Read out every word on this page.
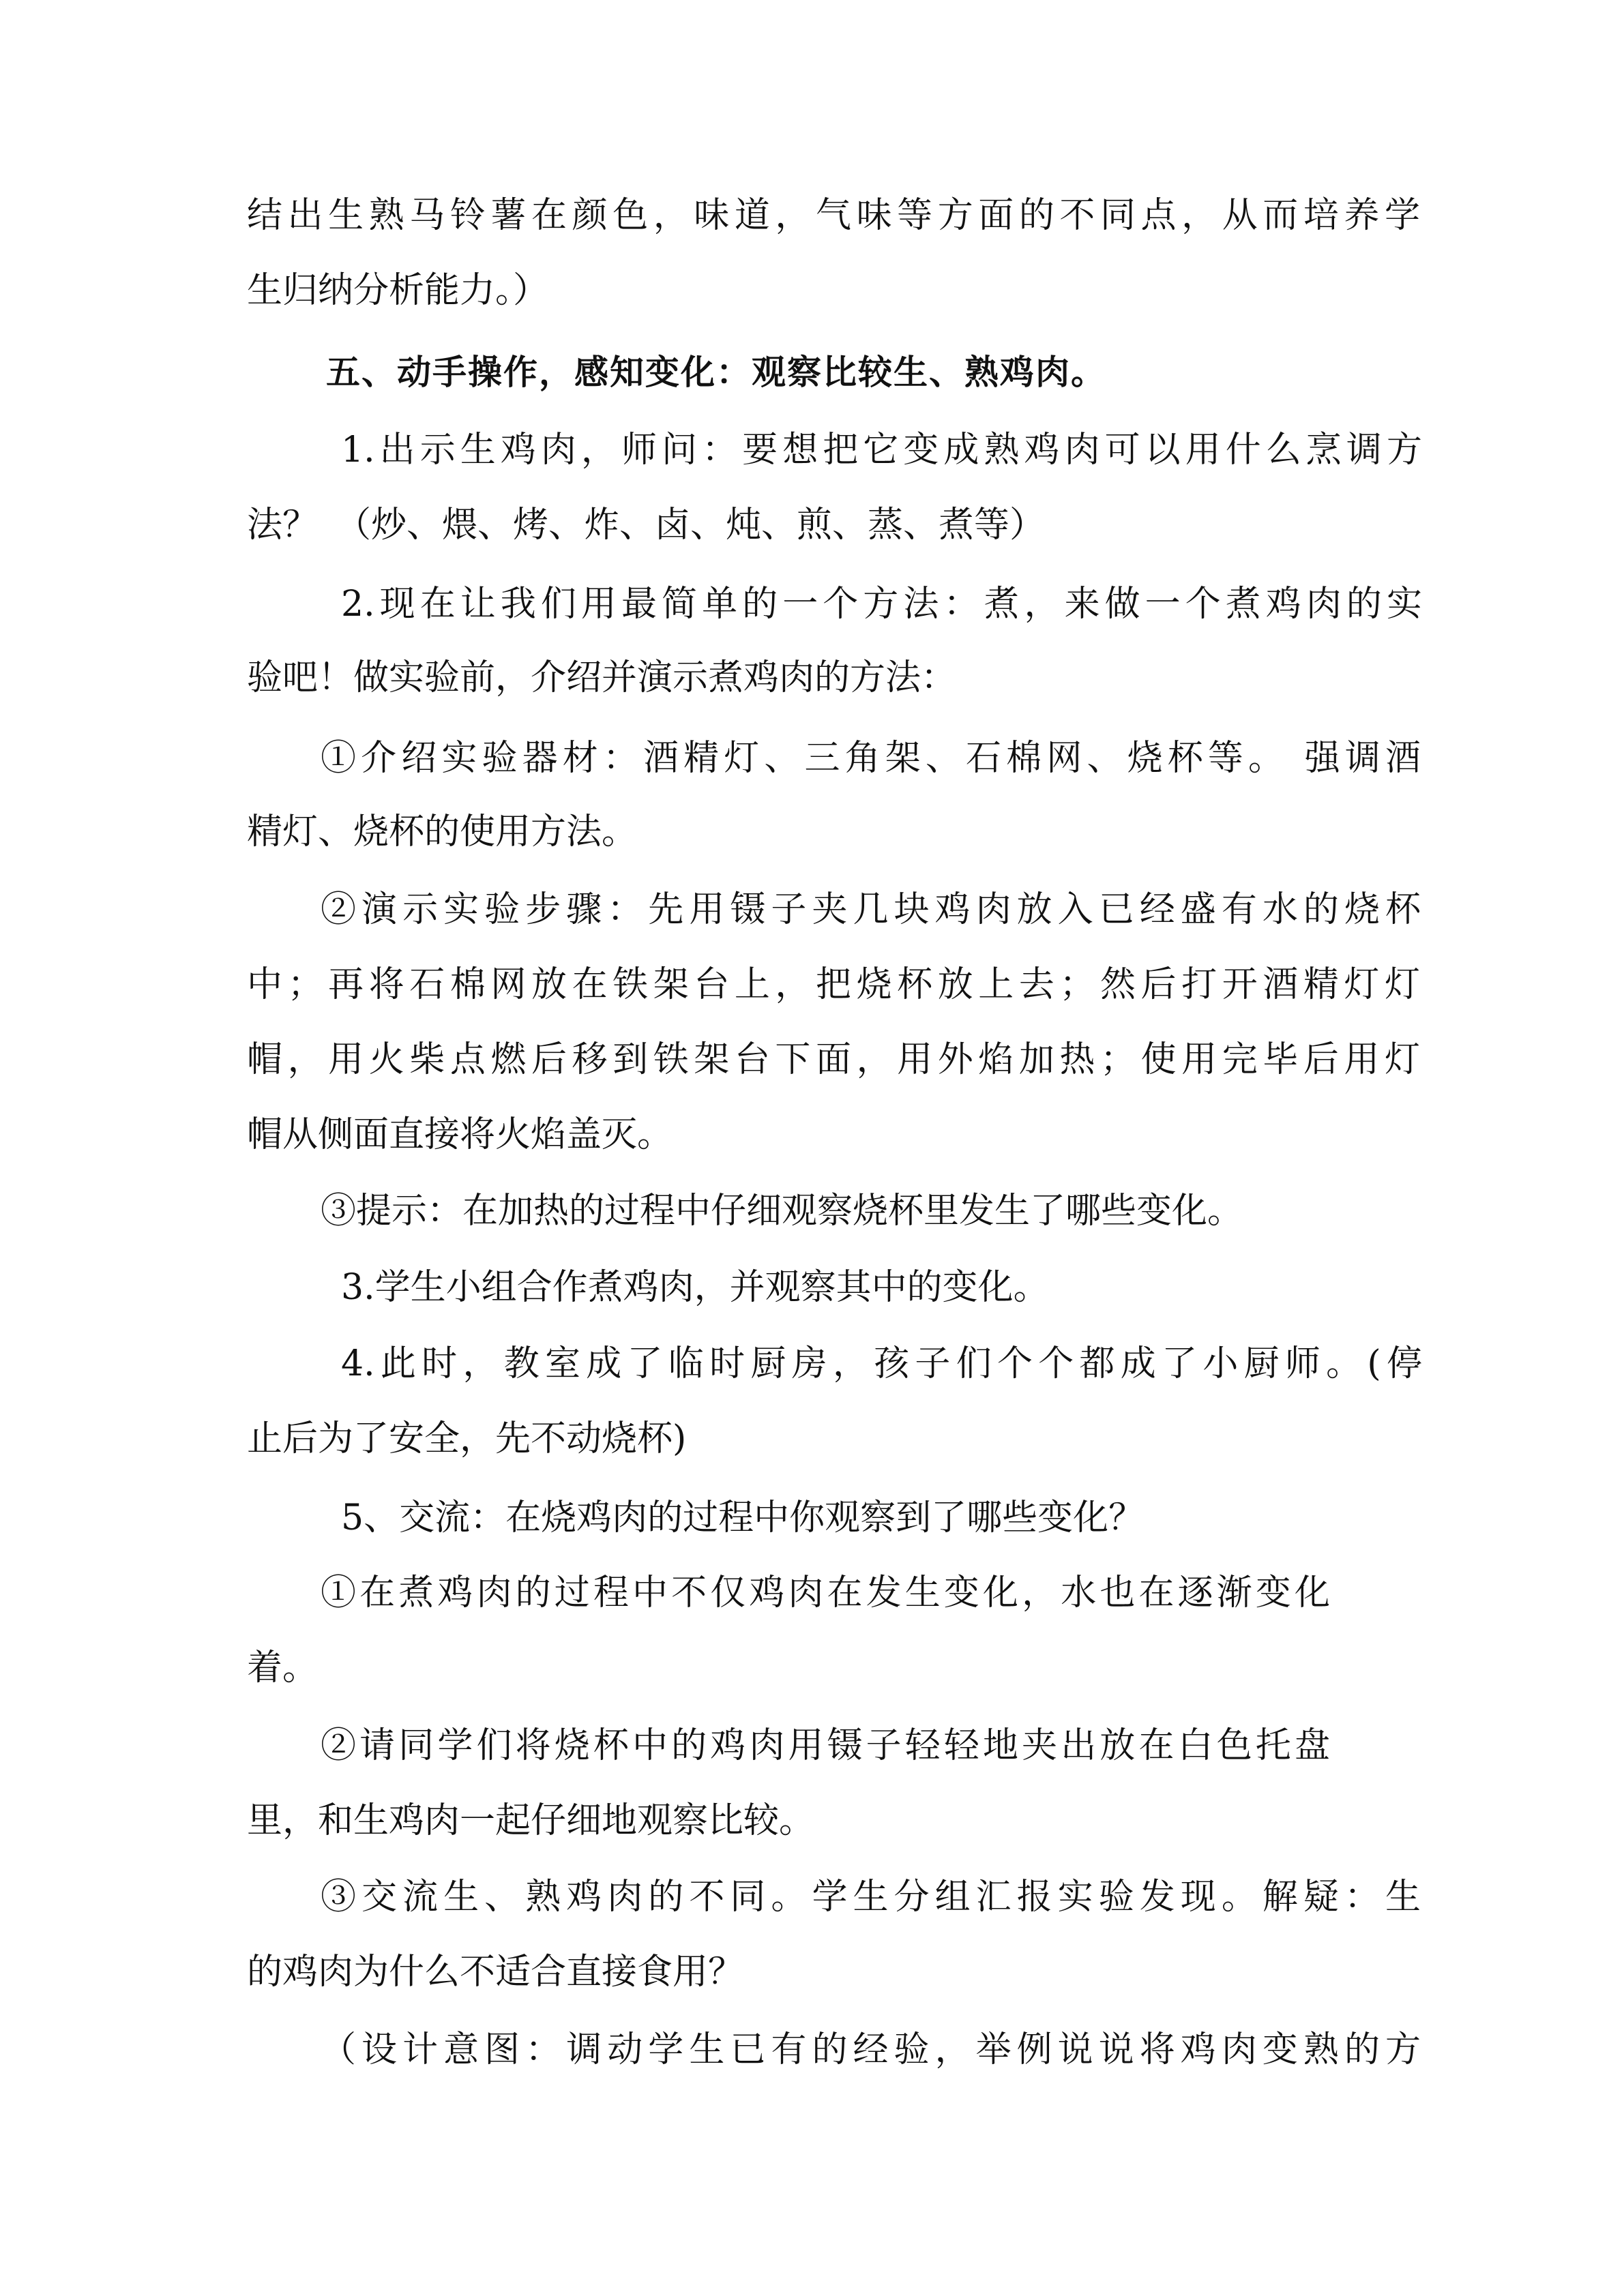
结出生熟马铃薯在颜色，味道，气味等方面的不同点，从而培养学
生归纳分析能力。）
五、动手操作，感知变化：观察比较生、熟鸡肉。
1.出示生鸡肉，师问：要想把它变成熟鸡肉可以用什么烹调方
法？　（炒、煨、烤、炸、卤、炖、煎、蒸、煮等）
2.现在让我们用最简单的一个方法：煮，来做一个煮鸡肉的实
验吧！做实验前，介绍并演示煮鸡肉的方法：
①介绍实验器材：酒精灯、三角架、石棉网、烧杯等。 强调酒
精灯、烧杯的使用方法。
②演示实验步骤：先用镊子夹几块鸡肉放入已经盛有水的烧杯
中；再将石棉网放在铁架台上，把烧杯放上去；然后打开酒精灯灯
帽，用火柴点燃后移到铁架台下面，用外焰加热；使用完毕后用灯
帽从侧面直接将火焰盖灭。
③提示：在加热的过程中仔细观察烧杯里发生了哪些变化。
3.学生小组合作煮鸡肉，并观察其中的变化。
4.此时，教室成了临时厨房，孩子们个个都成了小厨师。(停
止后为了安全，先不动烧杯)
5、交流：在烧鸡肉的过程中你观察到了哪些变化？
①在煮鸡肉的过程中不仅鸡肉在发生变化，水也在逐渐变化
着。
②请同学们将烧杯中的鸡肉用镊子轻轻地夹出放在白色托盘
里，和生鸡肉一起仔细地观察比较。
③交流生、熟鸡肉的不同。学生分组汇报实验发现。解疑：生
的鸡肉为什么不适合直接食用？
（设计意图：调动学生已有的经验，举例说说将鸡肉变熟的方
